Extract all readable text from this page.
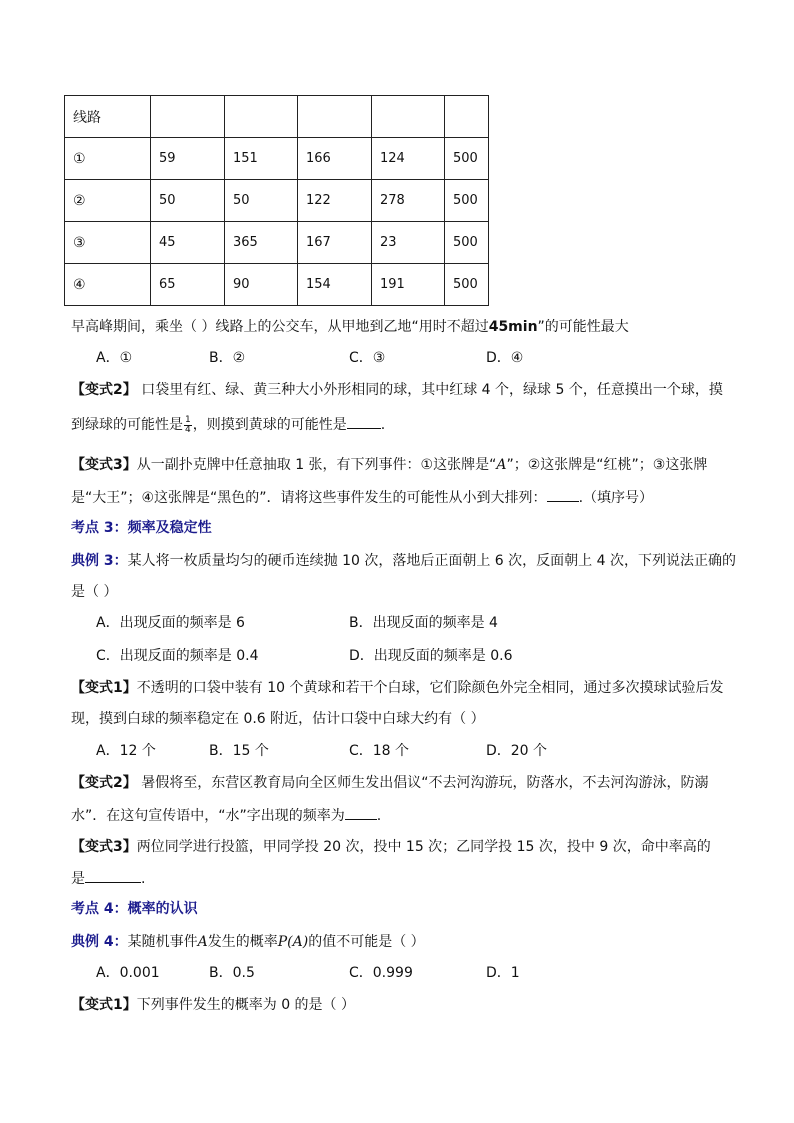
线路					
①	59	151	166	124	500
②	50	50	122	278	500
③	45	365	167	23	500
④	65	90	154	191	500
早高峰期间，乘坐（ ）线路上的公交车，从甲地到乙地“用时不超过45min”的可能性最大
A．①	B．②	C．③	D．④
【变式2】 口袋里有红、绿、黄三种大小外形相同的球，其中红球 4 个，绿球 5 个，任意摸出一个球，摸
到绿球的可能性是 $\frac{1}{4}$ ，则摸到黄球的可能性是 .
【变式3】从一副扑克牌中任意抽取 1 张，有下列事件：①这张牌是“A”；②这张牌是“红桃”；③这张牌
是“大王”；④这张牌是“黑色的”．请将这些事件发生的可能性从小到大排列： .（填序号）
考点 3：频率及稳定性
典例 3：某人将一枚质量均匀的硬币连续抛 10 次，落地后正面朝上 6 次，反面朝上 4 次，下列说法正确的
是（ ）
A．出现反面的频率是 6	B．出现反面的频率是 4
C．出现反面的频率是 0.4	D．出现反面的频率是 0.6
【变式1】不透明的口袋中装有 10 个黄球和若干个白球，它们除颜色外完全相同，通过多次摸球试验后发
现，摸到白球的频率稳定在 0.6 附近，估计口袋中白球大约有（ ）
A．12 个	B．15 个	C．18 个	D．20 个
【变式2】 暑假将至，东营区教育局向全区师生发出倡议“不去河沟游玩，防落水，不去河沟游泳，防溺
水”．在这句宣传语中，“水”字出现的频率为 .
【变式3】两位同学进行投篮，甲同学投 20 次，投中 15 次；乙同学投 15 次，投中 9 次，命中率高的
是	.
考点 4：概率的认识
典例 4：某随机事件A发生的概率P(A)的值不可能是（ ）
A．0.001	B．0.5	C．0.999	D．1
【变式1】下列事件发生的概率为 0 的是（ ）
